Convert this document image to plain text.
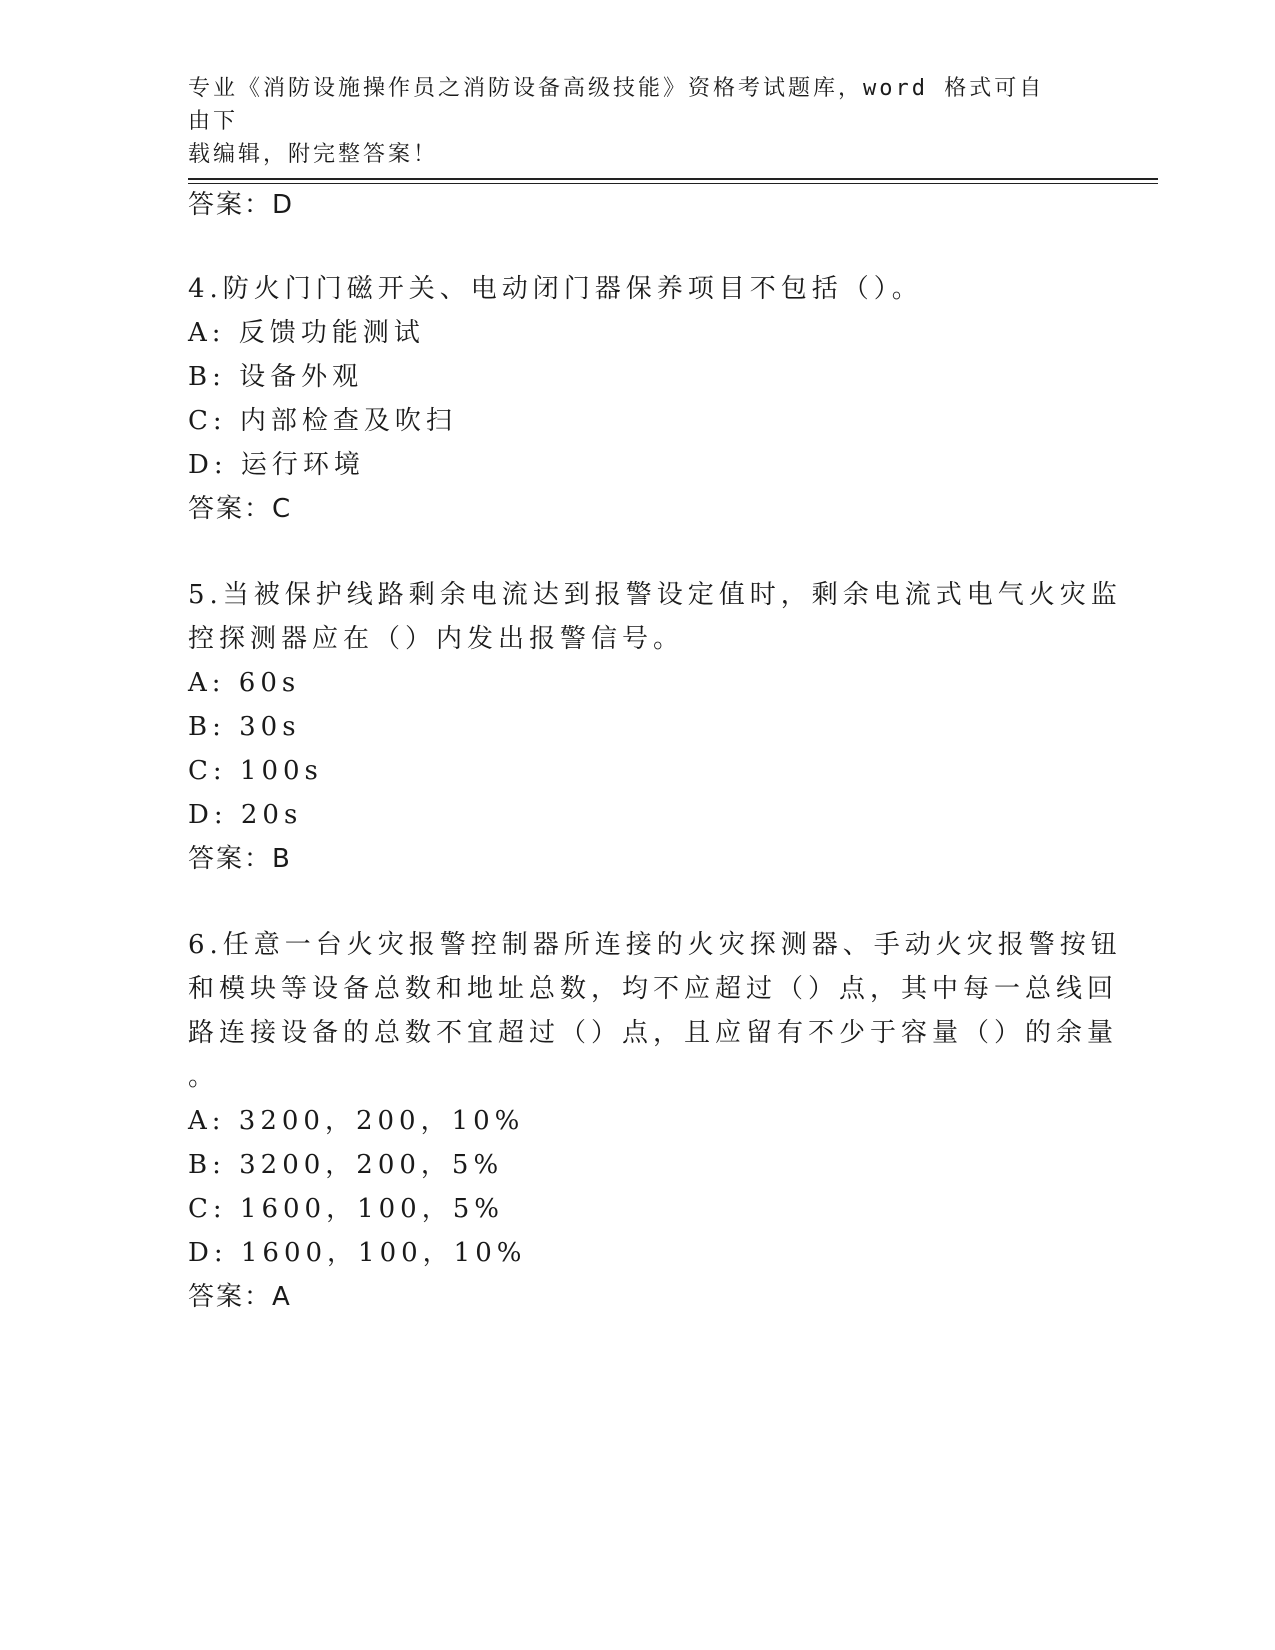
专业《消防设施操作员之消防设备高级技能》资格考试题库，word 格式可自由下
载编辑，附完整答案！
答案：D
4.防火门门磁开关、电动闭门器保养项目不包括（）。
A: 反馈功能测试
B: 设备外观
C: 内部检查及吹扫
D: 运行环境
答案：C
5.当被保护线路剩余电流达到报警设定值时，剩余电流式电气火灾监
控探测器应在（）内发出报警信号。
A: 60s
B: 30s
C: 100s
D: 20s
答案：B
6.任意一台火灾报警控制器所连接的火灾探测器、手动火灾报警按钮
和模块等设备总数和地址总数，均不应超过（）点，其中每一总线回
路连接设备的总数不宜超过（）点，且应留有不少于容量（）的余量
。
A: 3200，200，10%
B: 3200，200，5%
C: 1600，100，5%
D: 1600，100，10%
答案：A
